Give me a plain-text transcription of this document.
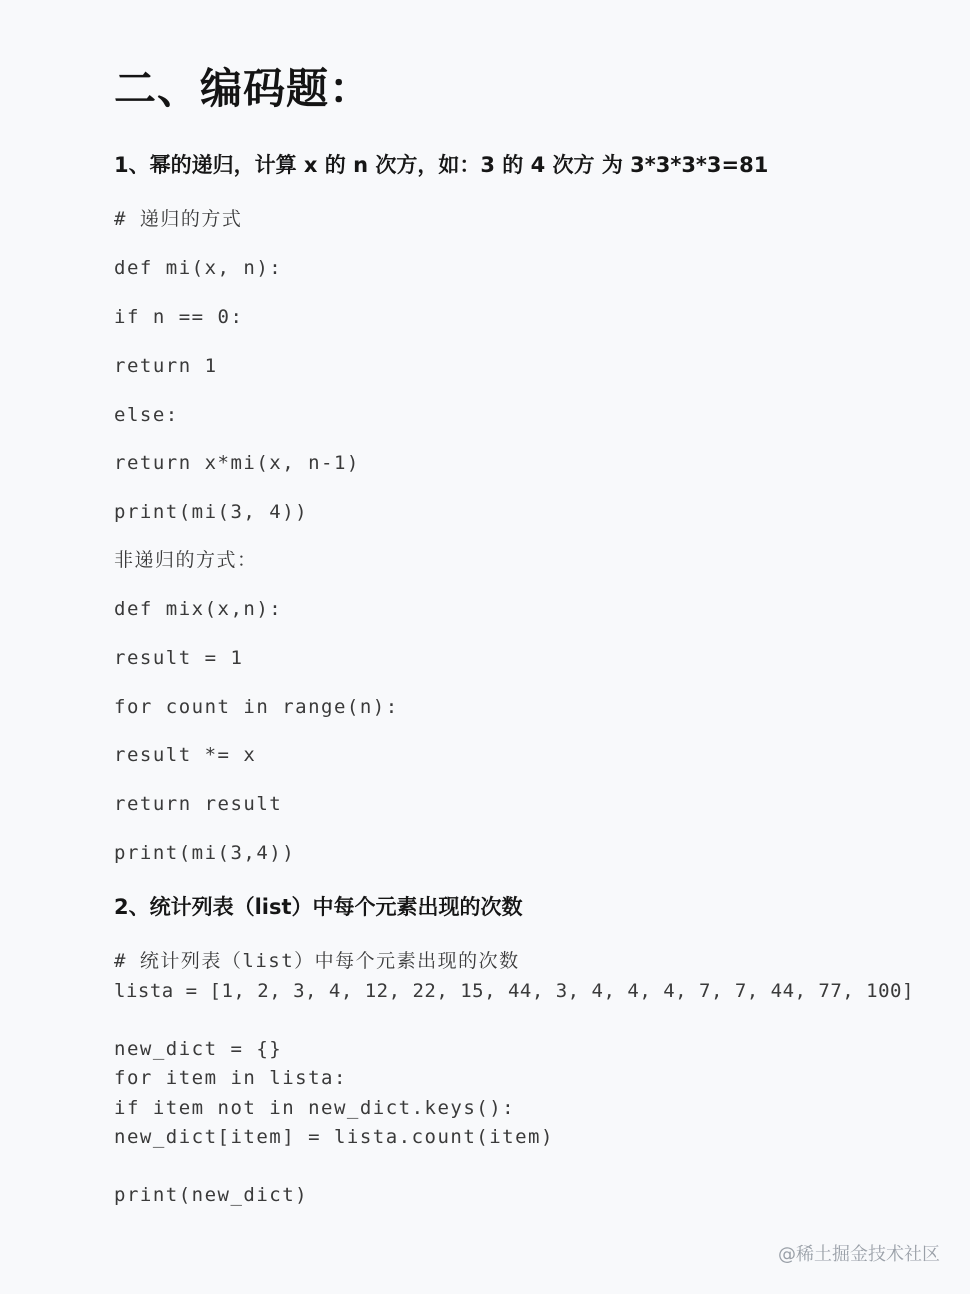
二、编码题：
1、幂的递归，计算 x 的 n 次方，如：3 的 4 次方 为 3*3*3*3=81
# 递归的方式
def mi(x, n):
if n == 0:
return 1
else:
return x*mi(x, n-1)
print(mi(3, 4))
非递归的方式：
def mix(x,n):
result = 1
for count in range(n):
result *= x
return result
print(mi(3,4))
2、统计列表（list）中每个元素出现的次数
# 统计列表（list）中每个元素出现的次数
lista = [1, 2, 3, 4, 12, 22, 15, 44, 3, 4, 4, 4, 7, 7, 44, 77, 100]
new_dict = {}
for item in lista:
if item not in new_dict.keys():
new_dict[item] = lista.count(item)
print(new_dict)
@稀土掘金技术社区
